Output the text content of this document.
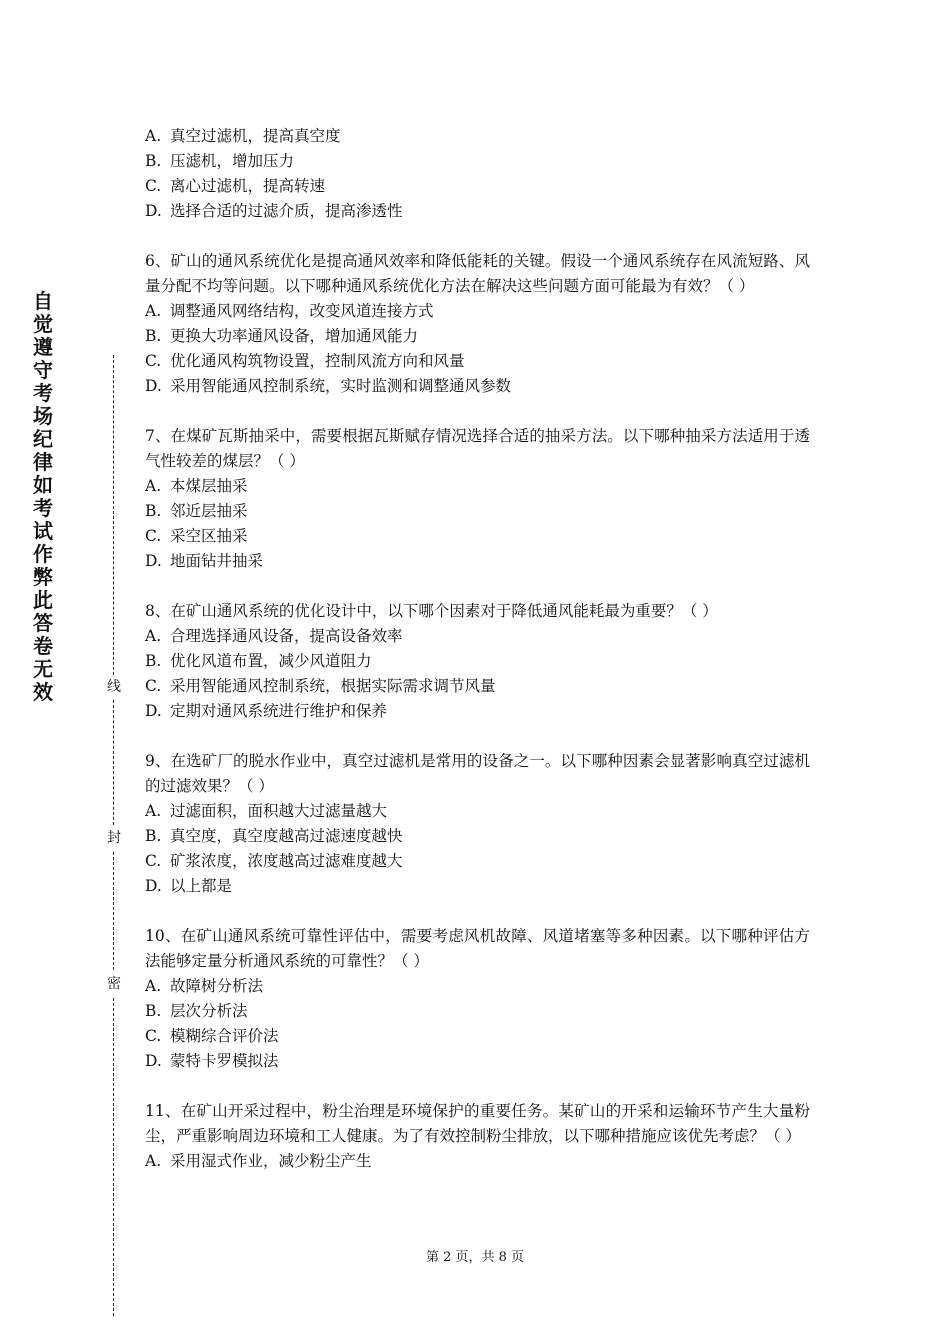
自
觉
遵
守
考
场
纪
律
如
考
试
作
弊
此
答
卷
无
效	线
封
密
A. 真空过滤机，提高真空度
B. 压滤机，增加压力
C. 离心过滤机，提高转速
D. 选择合适的过滤介质，提高渗透性
6、矿山的通风系统优化是提高通风效率和降低能耗的关键。假设一个通风系统存在风流短路、风量分配不均等问题。以下哪种通风系统优化方法在解决这些问题方面可能最为有效？（ ）
A. 调整通风网络结构，改变风道连接方式
B. 更换大功率通风设备，增加通风能力
C. 优化通风构筑物设置，控制风流方向和风量
D. 采用智能通风控制系统，实时监测和调整通风参数
7、在煤矿瓦斯抽采中，需要根据瓦斯赋存情况选择合适的抽采方法。以下哪种抽采方法适用于透气性较差的煤层？（ ）
A. 本煤层抽采
B. 邻近层抽采
C. 采空区抽采
D. 地面钻井抽采
8、在矿山通风系统的优化设计中，以下哪个因素对于降低通风能耗最为重要？（ ）
A. 合理选择通风设备，提高设备效率
B. 优化风道布置，减少风道阻力
C. 采用智能通风控制系统，根据实际需求调节风量
D. 定期对通风系统进行维护和保养
9、在选矿厂的脱水作业中，真空过滤机是常用的设备之一。以下哪种因素会显著影响真空过滤机的过滤效果？（ ）
A. 过滤面积，面积越大过滤量越大
B. 真空度，真空度越高过滤速度越快
C. 矿浆浓度，浓度越高过滤难度越大
D. 以上都是
10、在矿山通风系统可靠性评估中，需要考虑风机故障、风道堵塞等多种因素。以下哪种评估方法能够定量分析通风系统的可靠性？（ ）
A. 故障树分析法
B. 层次分析法
C. 模糊综合评价法
D. 蒙特卡罗模拟法
11、在矿山开采过程中，粉尘治理是环境保护的重要任务。某矿山的开采和运输环节产生大量粉尘，严重影响周边环境和工人健康。为了有效控制粉尘排放，以下哪种措施应该优先考虑？（ ）
A. 采用湿式作业，减少粉尘产生
第 2 页，共 8 页
